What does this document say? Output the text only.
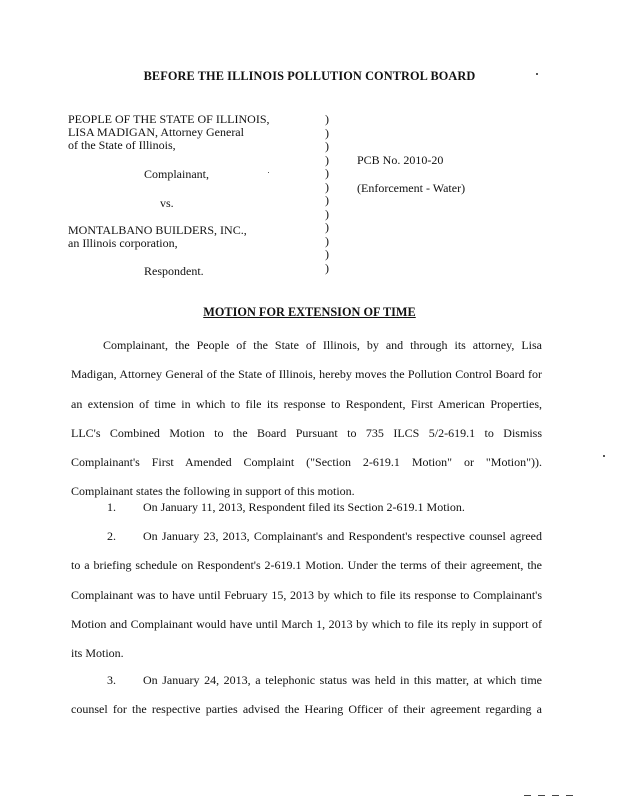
BEFORE THE ILLINOIS POLLUTION CONTROL BOARD
PEOPLE OF THE STATE OF ILLINOIS,
LISA MADIGAN, Attorney General
of the State of Illinois,
Complainant,
vs.
MONTALBANO BUILDERS, INC.,
an Illinois corporation,
Respondent.
)
)
)
)
)
)
)
)
)
)
)
)
PCB No. 2010-20
(Enforcement - Water)
MOTION FOR EXTENSION OF TIME
Complainant, the People of the State of Illinois, by and through its attorney, Lisa
Madigan, Attorney General of the State of Illinois, hereby moves the Pollution Control Board for
an extension of time in which to file its response to Respondent, First American Properties,
LLC's Combined Motion to the Board Pursuant to 735 ILCS 5/2-619.1 to Dismiss
Complainant's First Amended Complaint ("Section 2-619.1 Motion" or "Motion")).
Complainant states the following in support of this motion.
1.	On January 11, 2013, Respondent filed its Section 2-619.1 Motion.
2.	On January 23, 2013, Complainant's and Respondent's respective counsel agreed
to a briefing schedule on Respondent's 2-619.1 Motion. Under the terms of their agreement, the
Complainant was to have until February 15, 2013 by which to file its response to Complainant's
Motion and Complainant would have until March 1, 2013 by which to file its reply in support of
its Motion.
3.	On January 24, 2013, a telephonic status was held in this matter, at which time
counsel for the respective parties advised the Hearing Officer of their agreement regarding a
